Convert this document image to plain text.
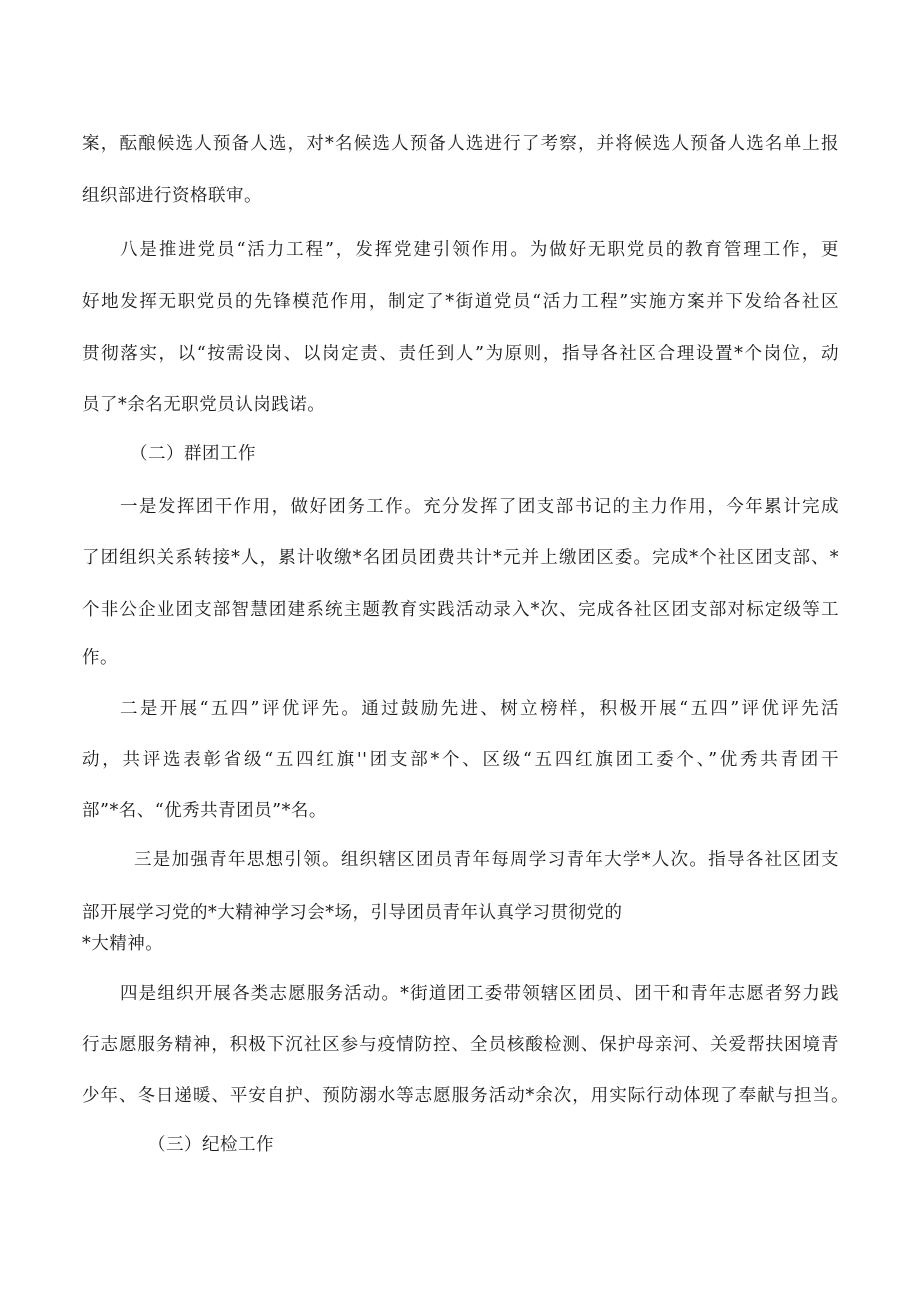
案，酝酿候选人预备人选，对*名候选人预备人选进行了考察，并将候选人预备人选名单上报
组织部进行资格联审。
八是推进党员“活力工程”，发挥党建引领作用。为做好无职党员的教育管理工作，更
好地发挥无职党员的先锋模范作用，制定了*街道党员“活力工程”实施方案并下发给各社区
贯彻落实，以“按需设岗、以岗定责、责任到人”为原则，指导各社区合理设置*个岗位，动
员了*余名无职党员认岗践诺。
（二）群团工作
一是发挥团干作用，做好团务工作。充分发挥了团支部书记的主力作用，今年累计完成
了团组织关系转接*人，累计收缴*名团员团费共计*元并上缴团区委。完成*个社区团支部、*
个非公企业团支部智慧团建系统主题教育实践活动录入*次、完成各社区团支部对标定级等工
作。
二是开展“五四”评优评先。通过鼓励先进、树立榜样，积极开展“五四”评优评先活
动，共评选表彰省级“五四红旗''团支部*个、区级“五四红旗团工委个、”优秀共青团干
部”*名、“优秀共青团员”*名。
三是加强青年思想引领。组织辖区团员青年每周学习青年大学*人次。指导各社区团支
部开展学习党的*大精神学习会*场，引导团员青年认真学习贯彻党的
*大精神。
四是组织开展各类志愿服务活动。*街道团工委带领辖区团员、团干和青年志愿者努力践
行志愿服务精神，积极下沉社区参与疫情防控、全员核酸检测、保护母亲河、关爱帮扶困境青
少年、冬日递暖、平安自护、预防溺水等志愿服务活动*余次，用实际行动体现了奉献与担当。
（三）纪检工作
